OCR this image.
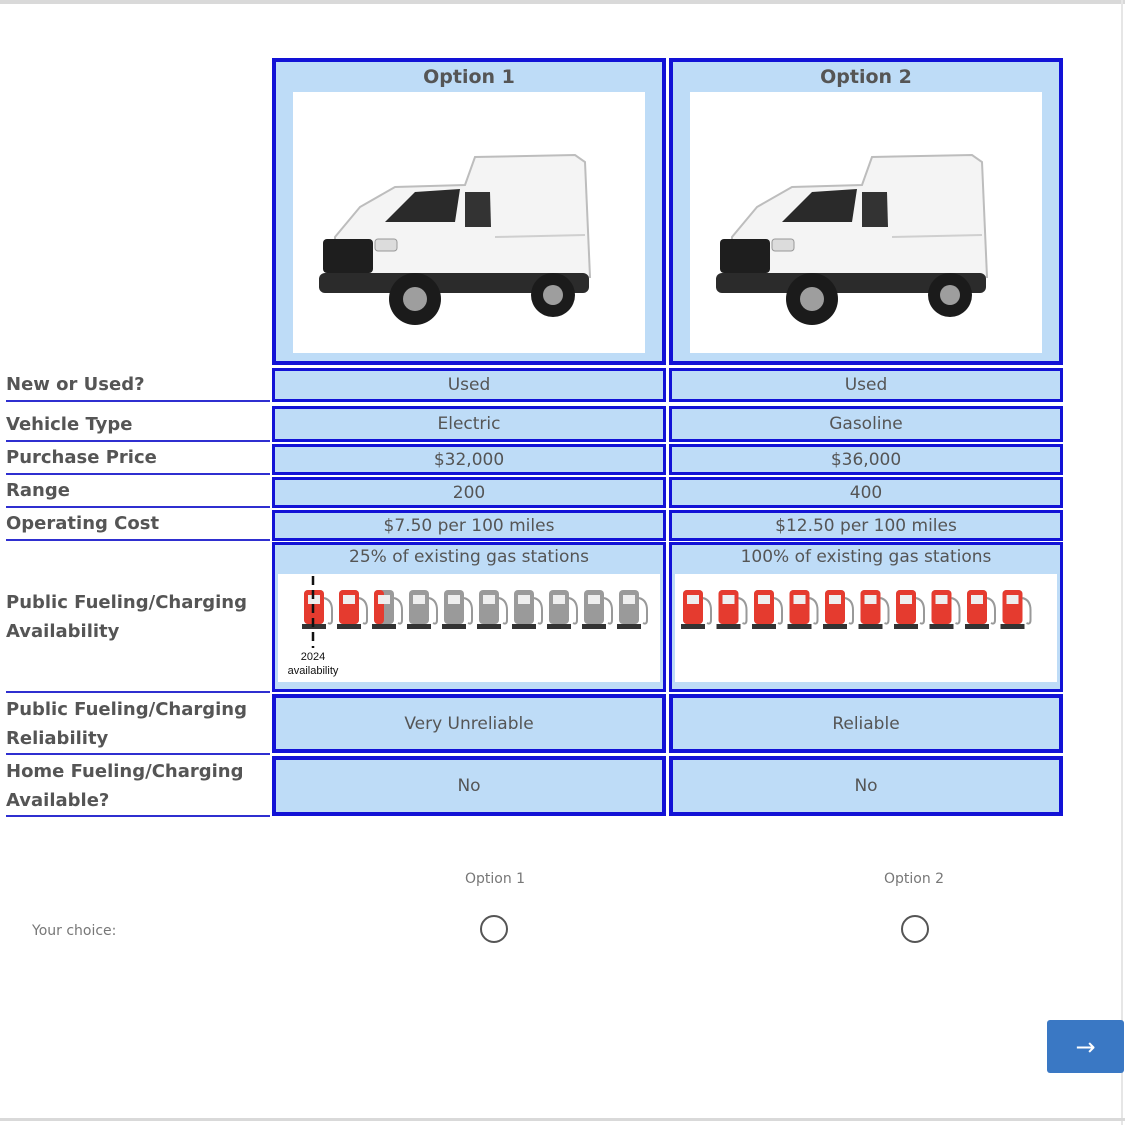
Option 1	Option 2
New or Used?
Vehicle Type
Purchase Price
Range
Operating Cost
Public Fueling/Charging
Availability
Public Fueling/Charging
Reliability
Home Fueling/Charging
Available?
Used
Electric
$32,000
200
$7.50 per 100 miles
25% of existing gas stations
2024
availability
Very Unreliable
No
Used
Gasoline
$36,000
400
$12.50 per 100 miles
100% of existing gas stations
Reliable
No
Option 1	Option 2
Your choice:
→
